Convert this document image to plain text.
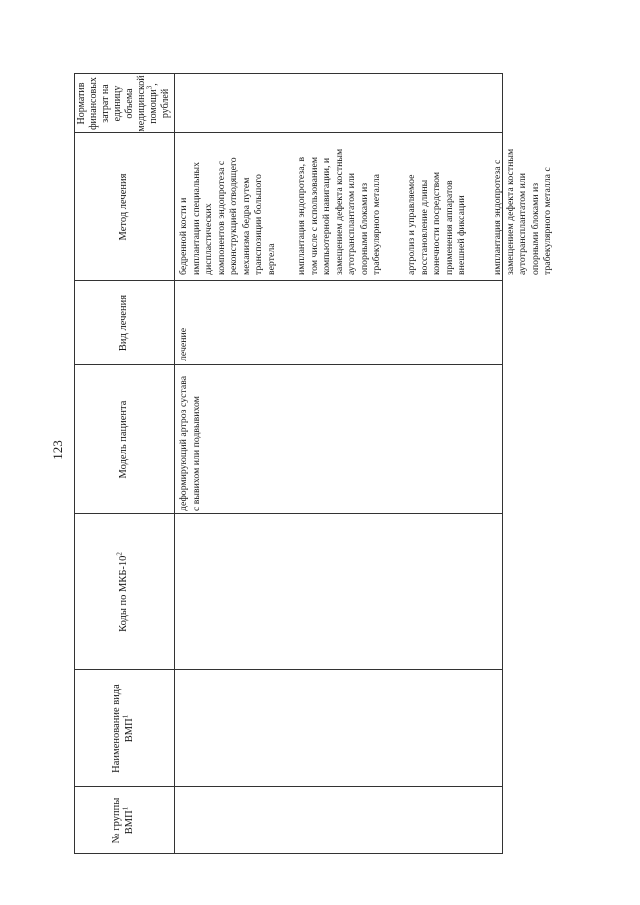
123
№ группы ВМП$^1$
Наименование вида ВМП$^1$
Коды по МКБ-$10^2$
Модель пациента
Вид лечения
Метод лечения
Норматив финансовых затрат на единицу объема медицинской помощи$^3$, рублей
деформирующий артроз сустава с вывихом или подвывихом
лечение
бедренной кости и имплантации специальных диспластических компонентов эндопротеза с реконструкцией отводящего механизма бедра путем транспозиции большого вертела имплантация эндопротеза, в том числе с использованием компьютерной навигации, и замещением дефекта костным аутотрансплантатом или опорными блоками из трабекулярного металла артролиз и управляемое восстановление длины конечности посредством применения аппаратов внешней фиксации	имплантация эндопротеза с замещением дефекта костным аутотрансплантатом или опорными блоками из трабекулярного металла с
